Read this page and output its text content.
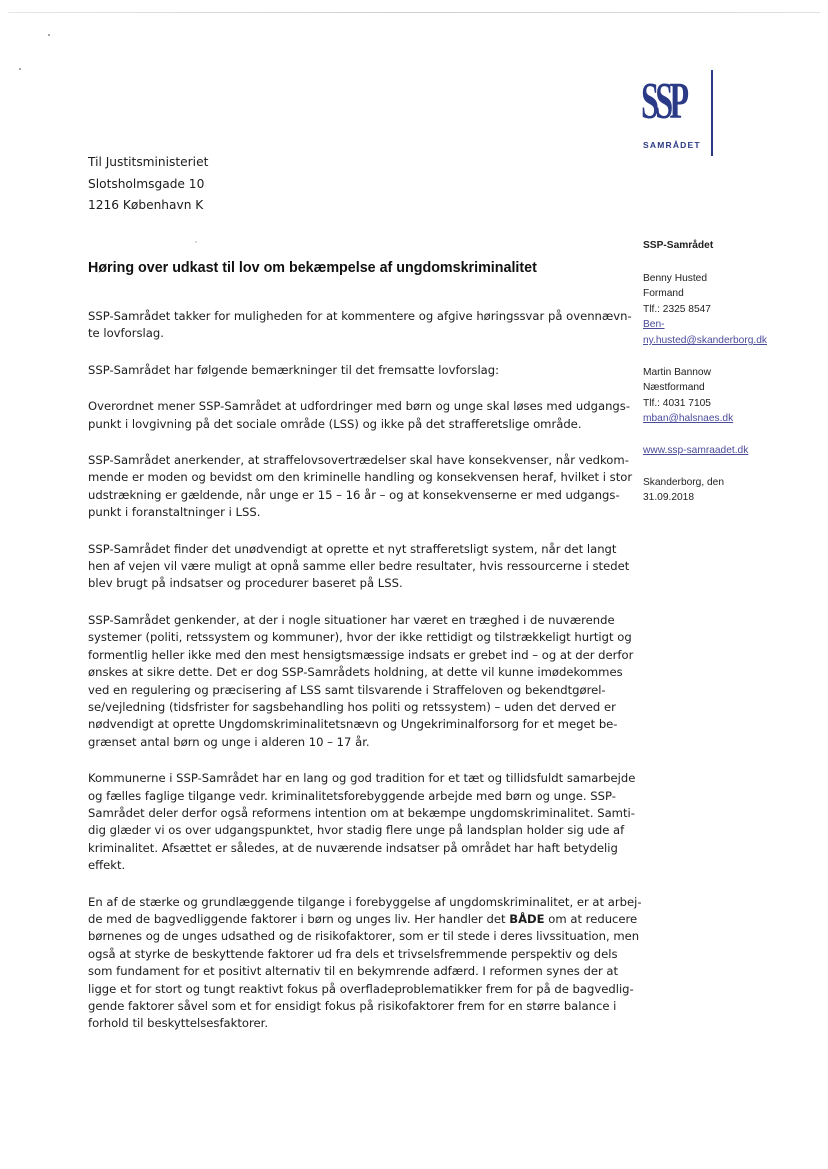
SSP
SAMRÅDET
Til Justitsministeriet
Slotsholmsgade 10
1216 København K
Høring over udkast til lov om bekæmpelse af ungdomskriminalitet
SSP-Samrådet takker for muligheden for at kommentere og afgive høringssvar på ovennævn-
te lovforslag.
SSP-Samrådet har følgende bemærkninger til det fremsatte lovforslag:
Overordnet mener SSP-Samrådet at udfordringer med børn og unge skal løses med udgangs-
punkt i lovgivning på det sociale område (LSS) og ikke på det strafferetslige område.
SSP-Samrådet anerkender, at straffelovsovertrædelser skal have konsekvenser, når vedkom-
mende er moden og bevidst om den kriminelle handling og konsekvensen heraf, hvilket i stor
udstrækning er gældende, når unge er 15 – 16 år – og at konsekvenserne er med udgangs-
punkt i foranstaltninger i LSS.
SSP-Samrådet finder det unødvendigt at oprette et nyt strafferetsligt system, når det langt
hen af vejen vil være muligt at opnå samme eller bedre resultater, hvis ressourcerne i stedet
blev brugt på indsatser og procedurer baseret på LSS.
SSP-Samrådet genkender, at der i nogle situationer har været en træghed i de nuværende
systemer (politi, retssystem og kommuner), hvor der ikke rettidigt og tilstrækkeligt hurtigt og
formentlig heller ikke med den mest hensigtsmæssige indsats er grebet ind – og at der derfor
ønskes at sikre dette. Det er dog SSP-Samrådets holdning, at dette vil kunne imødekommes
ved en regulering og præcisering af LSS samt tilsvarende i Straffeloven og bekendtgørel-
se/vejledning (tidsfrister for sagsbehandling hos politi og retssystem) – uden det derved er
nødvendigt at oprette Ungdomskriminalitetsnævn og Ungekriminalforsorg for et meget be-
grænset antal børn og unge i alderen 10 – 17 år.
Kommunerne i SSP-Samrådet har en lang og god tradition for et tæt og tillidsfuldt samarbejde
og fælles faglige tilgange vedr. kriminalitetsforebyggende arbejde med børn og unge. SSP-
Samrådet deler derfor også reformens intention om at bekæmpe ungdomskriminalitet. Samti-
dig glæder vi os over udgangspunktet, hvor stadig flere unge på landsplan holder sig ude af
kriminalitet. Afsættet er således, at de nuværende indsatser på området har haft betydelig
effekt.
En af de stærke og grundlæggende tilgange i forebyggelse af ungdomskriminalitet, er at arbej-
de med de bagvedliggende faktorer i børn og unges liv. Her handler det BÅDE om at reducere
børnenes og de unges udsathed og de risikofaktorer, som er til stede i deres livssituation, men
også at styrke de beskyttende faktorer ud fra dels et trivselsfremmende perspektiv og dels
som fundament for et positivt alternativ til en bekymrende adfærd. I reformen synes der at
ligge et for stort og tungt reaktivt fokus på overfladeproblematikker frem for på de bagvedlig-
gende faktorer såvel som et for ensidigt fokus på risikofaktorer frem for en større balance i
forhold til beskyttelsesfaktorer.
SSP-Samrådet
Benny Husted
Formand
Tlf.: 2325 8547
Ben-
ny.husted@skanderborg.dk
Martin Bannow
Næstformand
Tlf.: 4031 7105
mban@halsnaes.dk
www.ssp-samraadet.dk
Skanderborg, den
31.09.2018
